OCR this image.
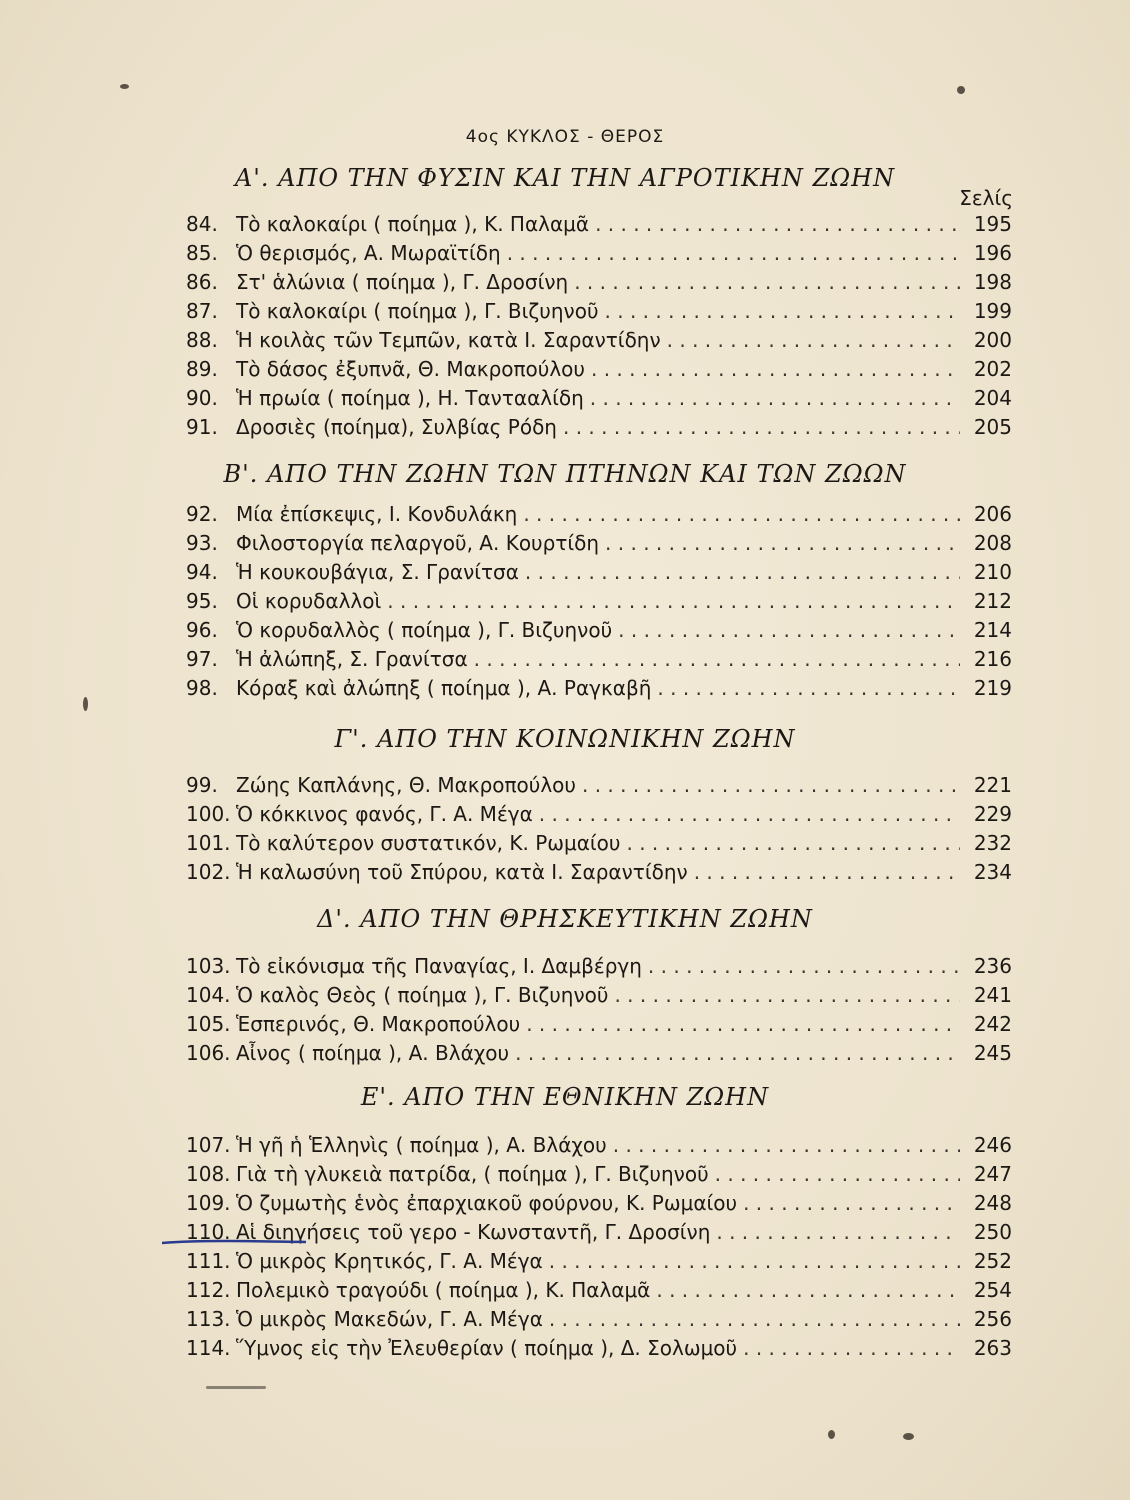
4ος ΚΥΚΛΟΣ - ΘΕΡΟΣ
Σελίς
Α'. ΑΠΟ ΤΗΝ ΦΥΣΙΝ ΚΑΙ ΤΗΝ ΑΓΡΟΤΙΚΗΝ ΖΩΗΝ
84. Τὸ καλοκαίρι ( ποίημα ), Κ. Παλαμᾶ . . .	195
85. Ὁ θερισμός, Α. Μωραϊτίδη . . .	196
86. Στ' ἁλώνια ( ποίημα ), Γ. Δροσίνη . . .	198
87. Τὸ καλοκαίρι ( ποίημα ), Γ. Βιζυηνοῦ . . .	199
88. Ἡ κοιλὰς τῶν Τεμπῶν, κατὰ Ι. Σαραντίδην . . .	200
89. Τὸ δάσος ἐξυπνᾶ, Θ. Μακροπούλου . . .	202
90. Ἡ πρωία ( ποίημα ), Η. Ταντααλίδη . . .	204
91. Δροσιὲς (ποίημα), Συλβίας Ρόδη . . .	205
Β'. ΑΠΟ ΤΗΝ ΖΩΗΝ ΤΩΝ ΠΤΗΝΩΝ ΚΑΙ ΤΩΝ ΖΩΩΝ
92. Μία ἐπίσκεψις, Ι. Κονδυλάκη . . .	206
93. Φιλοστοργία πελαργοῦ, Α. Κουρτίδη . . .	208
94. Ἡ κουκουβάγια, Σ. Γρανίτσα . . .	210
95. Οἱ κορυδαλλοὶ . . .	212
96. Ὁ κορυδαλλὸς ( ποίημα ), Γ. Βιζυηνοῦ . . .	214
97. Ἡ ἀλώπηξ, Σ. Γρανίτσα . . .	216
98. Κόραξ καὶ ἀλώπηξ ( ποίημα ), Α. Ραγκαβῆ . . .	219
Γ'. ΑΠΟ ΤΗΝ ΚΟΙΝΩΝΙΚΗΝ ΖΩΗΝ
99. Ζώης Καπλάνης, Θ. Μακροπούλου . . .	221
100. Ὁ κόκκινος φανός, Γ. Α. Μέγα . . .	229
101. Τὸ καλύτερον συστατικόν, Κ. Ρωμαίου . . .	232
102. Ἡ καλωσύνη τοῦ Σπύρου, κατὰ Ι. Σαραντίδην . . .	234
Δ'. ΑΠΟ ΤΗΝ ΘΡΗΣΚΕΥΤΙΚΗΝ ΖΩΗΝ
103. Τὸ εἰκόνισμα τῆς Παναγίας, Ι. Δαμβέργη . . .	236
104. Ὁ καλὸς Θεὸς ( ποίημα ), Γ. Βιζυηνοῦ . . .	241
105. Ἑσπερινός, Θ. Μακροπούλου . . .	242
106. Αἶνος ( ποίημα ), Α. Βλάχου . . .	245
Ε'. ΑΠΟ ΤΗΝ ΕΘΝΙΚΗΝ ΖΩΗΝ
107. Ἡ γῆ ἡ Ἑλληνὶς ( ποίημα ), Α. Βλάχου . . .	246
108. Γιὰ τὴ γλυκειὰ πατρίδα, ( ποίημα ), Γ. Βιζυηνοῦ . . .	247
109. Ὁ ζυμωτὴς ἑνὸς ἐπαρχιακοῦ φούρνου, Κ. Ρωμαίου . . .	248
110. Αἱ διηγήσεις τοῦ γερο - Κωνσταντῆ, Γ. Δροσίνη . . .	250
111. Ὁ μικρὸς Κρητικός, Γ. Α. Μέγα . . .	252
112. Πολεμικὸ τραγούδι ( ποίημα ), Κ. Παλαμᾶ . . .	254
113. Ὁ μικρὸς Μακεδών, Γ. Α. Μέγα . . .	256
114. Ὕμνος εἰς τὴν Ἐλευθερίαν ( ποίημα ), Δ. Σολωμοῦ . . .	263
